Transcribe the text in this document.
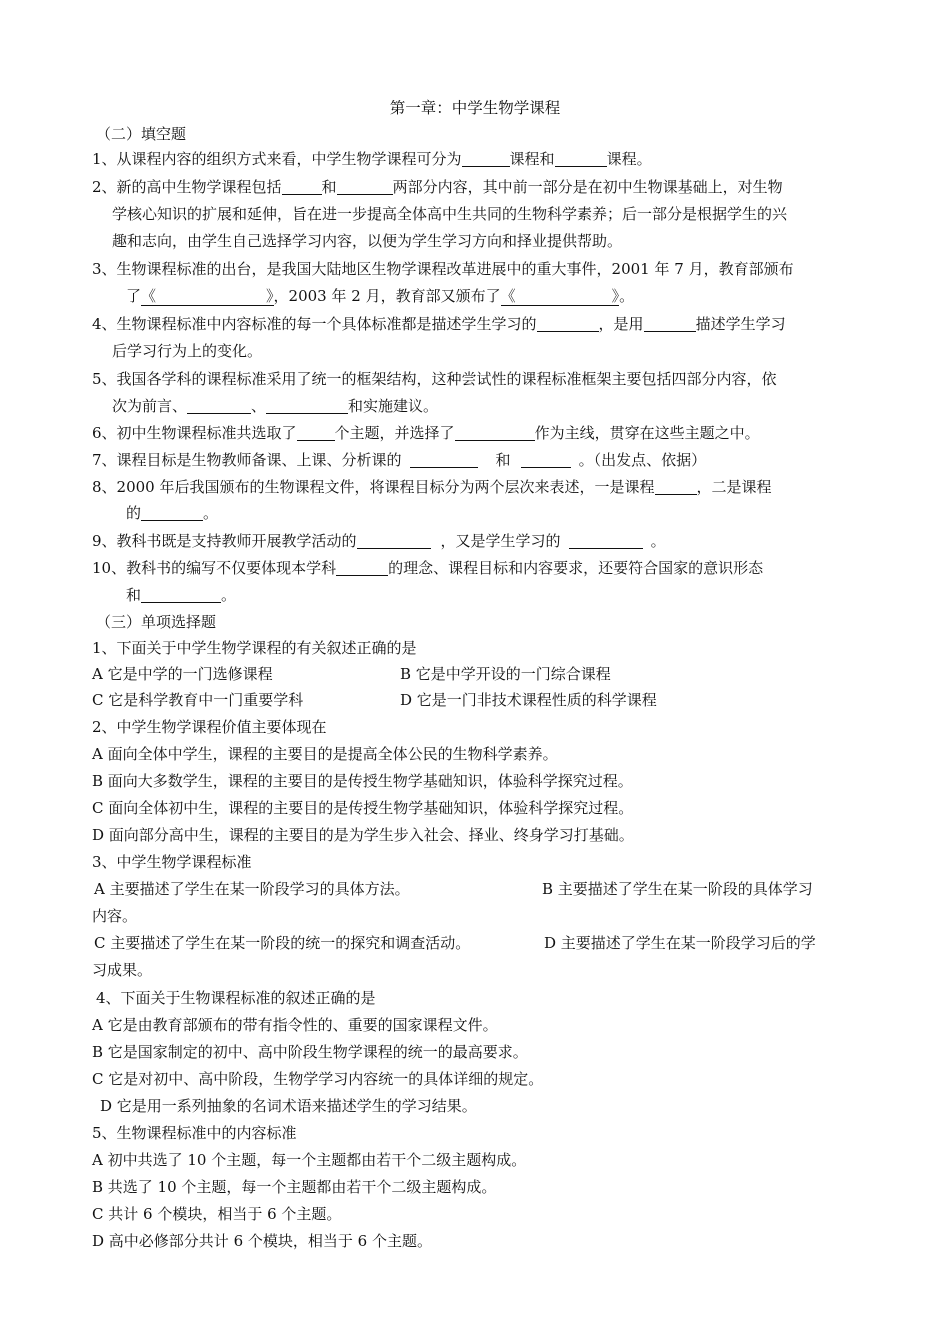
第一章：中学生物学课程
（二）填空题
1、从课程内容的组织方式来看，中学生物学课程可分为	课程和	课程。
2、新的高中生物学课程包括	和	两部分内容，其中前一部分是在初中生物课基础上，对生物
学核心知识的扩展和延伸，旨在进一步提高全体高中生共同的生物科学素养；后一部分是根据学生的兴
趣和志向，由学生自己选择学习内容，以便为学生学习方向和择业提供帮助。
3、生物课程标准的出台，是我国大陆地区生物学课程改革进展中的重大事件，2001 年 7 月，教育部颁布
了《	》，2003 年 2 月，教育部又颁布了《	》。
4、生物课程标准中内容标准的每一个具体标准都是描述学生学习的	，是用	描述学生学习
后学习行为上的变化。
5、我国各学科的课程标准采用了统一的框架结构，这种尝试性的课程标准框架主要包括四部分内容，依
次为前言、	、	和实施建议。
6、初中生物课程标准共选取了	个主题，并选择了	作为主线，贯穿在这些主题之中。
7、课程目标是生物教师备课、上课、分析课的	和	。（出发点、依据）
8、2000 年后我国颁布的生物课程文件，将课程目标分为两个层次来表述，一是课程	，二是课程
的	。
9、教科书既是支持教师开展教学活动的	，又是学生学习的	。
10、教科书的编写不仅要体现本学科	的理念、课程目标和内容要求，还要符合国家的意识形态
和	。
（三）单项选择题
1、下面关于中学生物学课程的有关叙述正确的是
A 它是中学的一门选修课程	B 它是中学开设的一门综合课程
C 它是科学教育中一门重要学科	D 它是一门非技术课程性质的科学课程
2、中学生物学课程价值主要体现在
A 面向全体中学生，课程的主要目的是提高全体公民的生物科学素养。
B 面向大多数学生，课程的主要目的是传授生物学基础知识，体验科学探究过程。
C 面向全体初中生，课程的主要目的是传授生物学基础知识，体验科学探究过程。
D 面向部分高中生，课程的主要目的是为学生步入社会、择业、终身学习打基础。
3、中学生物学课程标准
A 主要描述了学生在某一阶段学习的具体方法。	B 主要描述了学生在某一阶段的具体学习
内容。
C 主要描述了学生在某一阶段的统一的探究和调查活动。	D 主要描述了学生在某一阶段学习后的学
习成果。
4、下面关于生物课程标准的叙述正确的是
A 它是由教育部颁布的带有指令性的、重要的国家课程文件。
B 它是国家制定的初中、高中阶段生物学课程的统一的最高要求。
C 它是对初中、高中阶段，生物学学习内容统一的具体详细的规定。
D 它是用一系列抽象的名词术语来描述学生的学习结果。
5、生物课程标准中的内容标准
A 初中共选了 10 个主题，每一个主题都由若干个二级主题构成。
B 共选了 10 个主题，每一个主题都由若干个二级主题构成。
C 共计 6 个模块，相当于 6 个主题。
D 高中必修部分共计 6 个模块，相当于 6 个主题。
